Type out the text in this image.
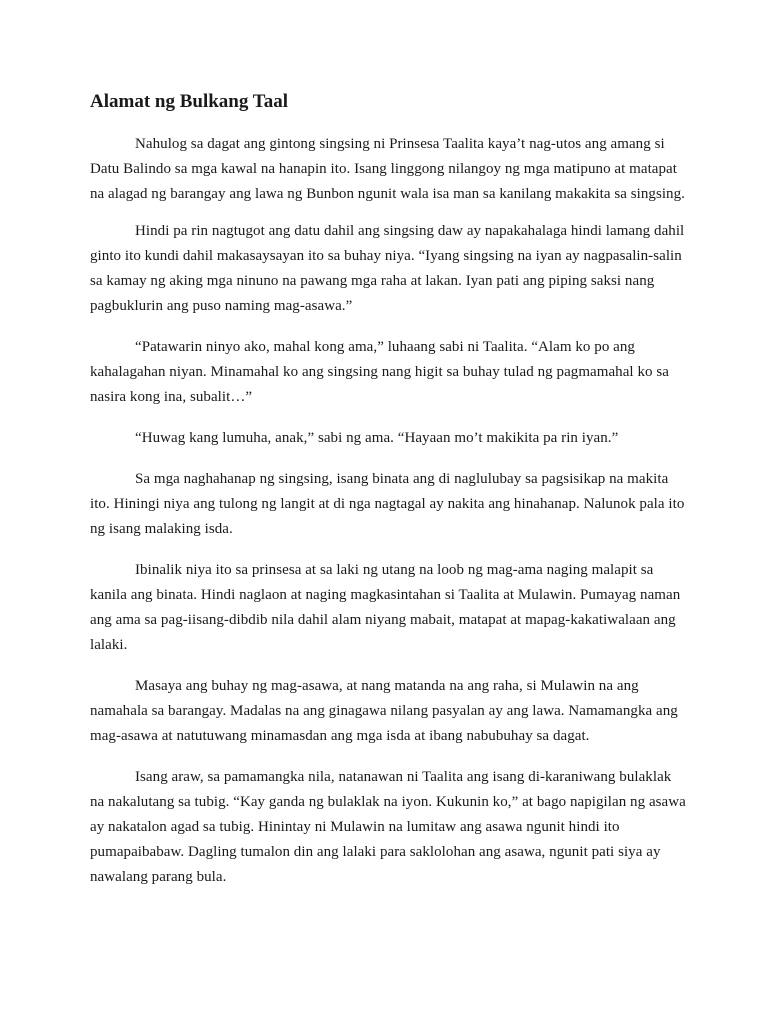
Alamat ng Bulkang Taal

Nahulog sa dagat ang gintong singsing ni Prinsesa Taalita kaya’t nag-utos ang amang si Datu Balindo sa mga kawal na hanapin ito. Isang linggong nilangoy ng mga matipuno at matapat na alagad ng barangay ang lawa ng Bunbon ngunit wala isa man sa kanilang makakita sa singsing.

Hindi pa rin nagtugot ang datu dahil ang singsing daw ay napakahalaga hindi lamang dahil ginto ito kundi dahil makasaysayan ito sa buhay niya. “Iyang singsing na iyan ay nagpasalin-salin sa kamay ng aking mga ninuno na pawang mga raha at lakan. Iyan pati ang piping saksi nang pagbuklurin ang puso naming mag-asawa.”

“Patawarin ninyo ako, mahal kong ama,” luhaang sabi ni Taalita. “Alam ko po ang kahalagahan niyan. Minamahal ko ang singsing nang higit sa buhay tulad ng pagmamahal ko sa nasira kong ina, subalit…”

“Huwag kang lumuha, anak,” sabi ng ama. “Hayaan mo’t makikita pa rin iyan.”

Sa mga naghahanap ng singsing, isang binata ang di naglulubay sa pagsisikap na makita ito. Hiningi niya ang tulong ng langit at di nga nagtagal ay nakita ang hinahanap. Nalunok pala ito ng isang malaking isda.

Ibinalik niya ito sa prinsesa at sa laki ng utang na loob ng mag-ama naging malapit sa kanila ang binata. Hindi naglaon at naging magkasintahan si Taalita at Mulawin. Pumayag naman ang ama sa pag-iisang-dibdib nila dahil alam niyang mabait, matapat at mapag-kakatiwalaan ang lalaki.

Masaya ang buhay ng mag-asawa, at nang matanda na ang raha, si Mulawin na ang namahala sa barangay. Madalas na ang ginagawa nilang pasyalan ay ang lawa. Namamangka ang mag-asawa at natutuwang minamasdan ang mga isda at ibang nabubuhay sa dagat.

Isang araw, sa pamamangka nila, natanawan ni Taalita ang isang di-karaniwang bulaklak na nakalutang sa tubig. “Kay ganda ng bulaklak na iyon. Kukunin ko,” at bago napigilan ng asawa ay nakatalon agad sa tubig. Hinintay ni Mulawin na lumitaw ang asawa ngunit hindi ito pumapaibabaw. Dagling tumalon din ang lalaki para saklolohan ang asawa, ngunit pati siya ay nawalang parang bula.
